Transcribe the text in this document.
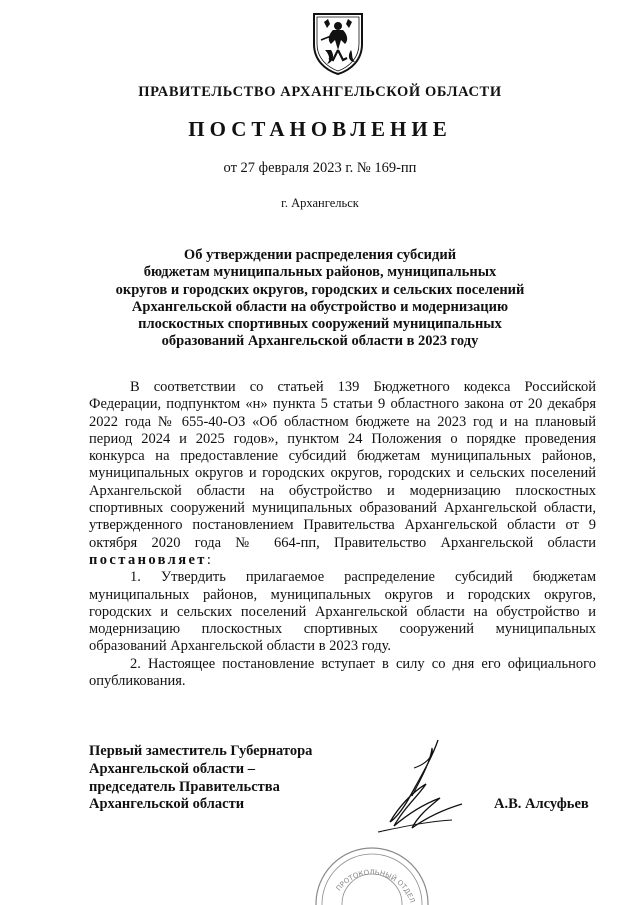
ПРАВИТЕЛЬСТВО АРХАНГЕЛЬСКОЙ ОБЛАСТИ
ПОСТАНОВЛЕНИЕ
от 27 февраля 2023 г. № 169-пп
г. Архангельск
Об утверждении распределения субсидий
бюджетам муниципальных районов, муниципальных
округов и городских округов, городских и сельских поселений
Архангельской области на обустройство и модернизацию
плоскостных спортивных сооружений муниципальных
образований Архангельской области в 2023 году

В соответствии со статьей 139 Бюджетного кодекса Российской Федерации, подпунктом «н» пункта 5 статьи 9 областного закона от 20 декабря 2022 года № 655-40-ОЗ «Об областном бюджете на 2023 год и на плановый период 2024 и 2025 годов», пунктом 24 Положения о порядке проведения конкурса на предоставление субсидий бюджетам муниципальных районов, муниципальных округов и городских округов, городских и сельских поселений Архангельской области на обустройство и модернизацию плоскостных спортивных сооружений муниципальных образований Архангельской области, утвержденного постановлением Правительства Архангельской области от 9 октября 2020 года № 664-пп, Правительство Архангельской области постановляет:

1. Утвердить прилагаемое распределение субсидий бюджетам муниципальных районов, муниципальных округов и городских округов, городских и сельских поселений Архангельской области на обустройство и модернизацию плоскостных спортивных сооружений муниципальных образований Архангельской области в 2023 году.

2. Настоящее постановление вступает в силу со дня его официального опубликования.

Первый заместитель Губернатора
Архангельской области –
председатель Правительства
Архангельской области	А.В. Алсуфьев
ПРОТОКОЛЬНЫЙ ОТДЕЛ
